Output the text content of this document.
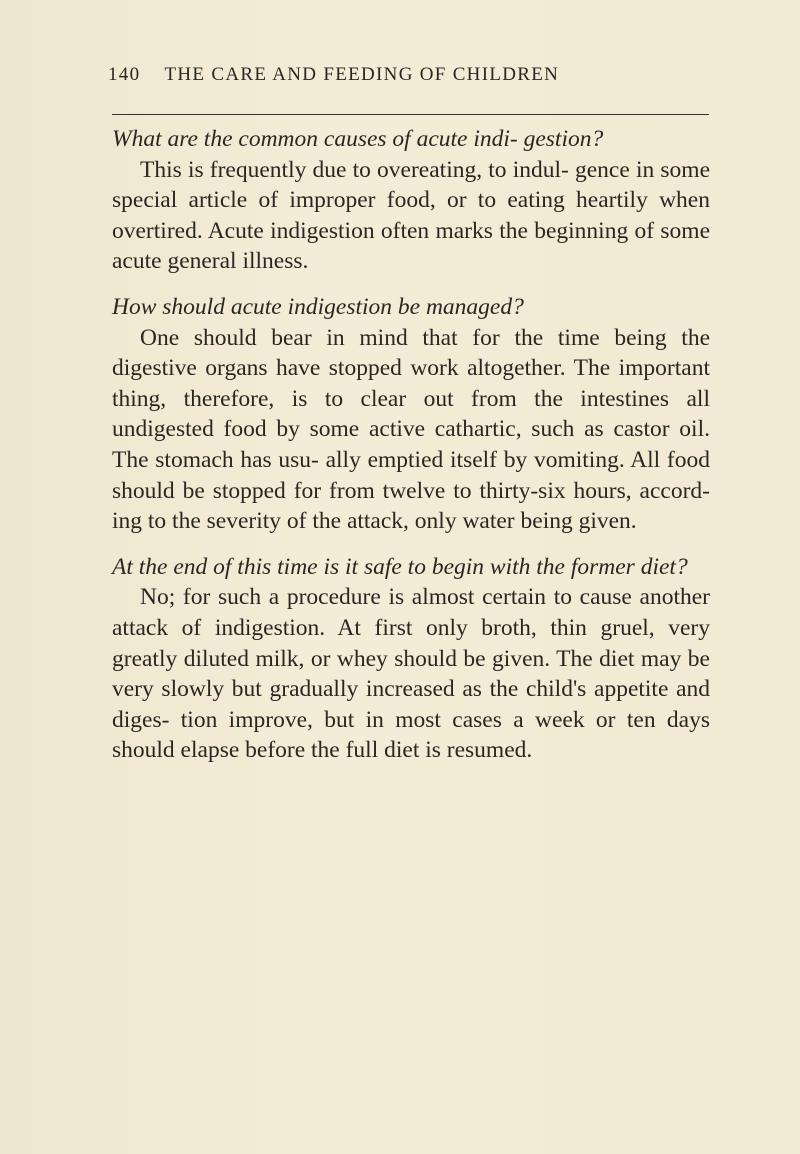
140 THE CARE AND FEEDING OF CHILDREN

What are the common causes of acute indi- gestion?

This is frequently due to overeating, to indul- gence in some special article of improper food, or to eating heartily when overtired. Acute indigestion often marks the beginning of some acute general illness.

How should acute indigestion be managed?

One should bear in mind that for the time being the digestive organs have stopped work altogether. The important thing, therefore, is to clear out from the intestines all undigested food by some active cathartic, such as castor oil. The stomach has usu- ally emptied itself by vomiting. All food should be stopped for from twelve to thirty-six hours, accord- ing to the severity of the attack, only water being given.

At the end of this time is it safe to begin with the former diet?

No; for such a procedure is almost certain to cause another attack of indigestion. At first only broth, thin gruel, very greatly diluted milk, or whey should be given. The diet may be very slowly but gradually increased as the child's appetite and diges- tion improve, but in most cases a week or ten days should elapse before the full diet is resumed.
